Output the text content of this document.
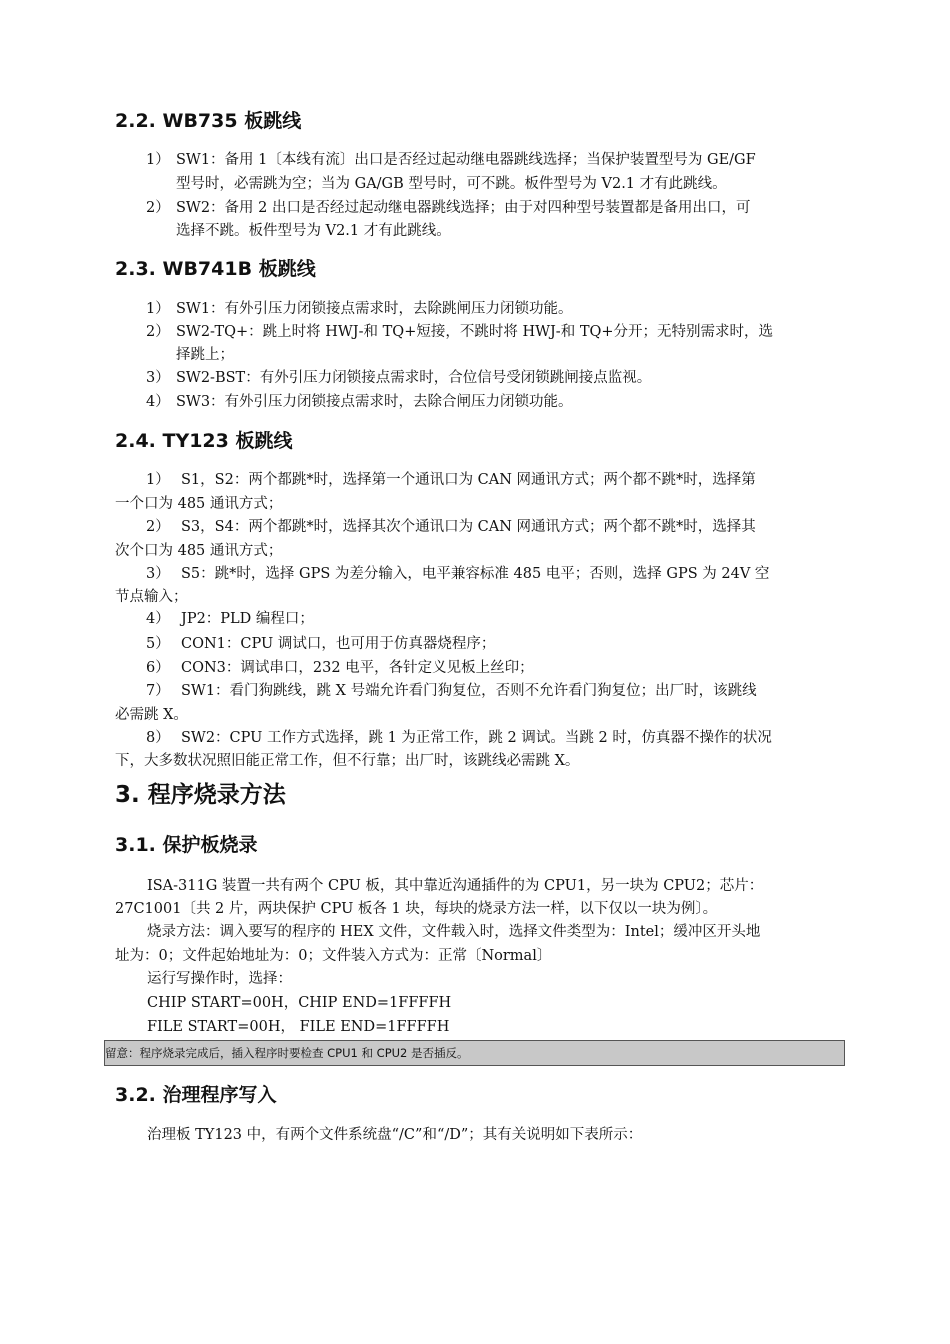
2.2. WB735 板跳线
1） SW1：备用 1〔本线有流〕出口是否经过起动继电器跳线选择；当保护装置型号为 GE/GF
型号时，必需跳为空；当为 GA/GB 型号时，可不跳。板件型号为 V2.1 才有此跳线。
2） SW2：备用 2 出口是否经过起动继电器跳线选择；由于对四种型号装置都是备用出口，可
选择不跳。板件型号为 V2.1 才有此跳线。
2.3. WB741B 板跳线
1） SW1：有外引压力闭锁接点需求时，去除跳闸压力闭锁功能。
2） SW2-TQ+：跳上时将 HWJ-和 TQ+短接，不跳时将 HWJ-和 TQ+分开；无特别需求时，选
择跳上；
3） SW2-BST：有外引压力闭锁接点需求时，合位信号受闭锁跳闸接点监视。
4） SW3：有外引压力闭锁接点需求时，去除合闸压力闭锁功能。
2.4. TY123 板跳线
1） S1，S2：两个都跳*时，选择第一个通讯口为 CAN 网通讯方式；两个都不跳*时，选择第
一个口为 485 通讯方式；
2） S3，S4：两个都跳*时，选择其次个通讯口为 CAN 网通讯方式；两个都不跳*时，选择其
次个口为 485 通讯方式；
3） S5：跳*时，选择 GPS 为差分输入，电平兼容标准 485 电平；否则，选择 GPS 为 24V 空
节点输入；
4） JP2：PLD 编程口；
5） CON1：CPU 调试口，也可用于仿真器烧程序；
6） CON3：调试串口，232 电平，各针定义见板上丝印；
7） SW1：看门狗跳线，跳 X 号端允许看门狗复位，否则不允许看门狗复位；出厂时，该跳线
必需跳 X。
8） SW2：CPU 工作方式选择，跳 1 为正常工作，跳 2 调试。当跳 2 时，仿真器不操作的状况
下，大多数状况照旧能正常工作，但不行靠；出厂时，该跳线必需跳 X。
3. 程序烧录方法
3.1. 保护板烧录
ISA-311G 装置一共有两个 CPU 板，其中靠近沟通插件的为 CPU1，另一块为 CPU2；芯片：
27C1001〔共 2 片，两块保护 CPU 板各 1 块，每块的烧录方法一样，以下仅以一块为例〕。
烧录方法：调入要写的程序的 HEX 文件，文件载入时，选择文件类型为：Intel；缓冲区开头地
址为：0；文件起始地址为：0；文件装入方式为：正常〔Normal〕
运行写操作时，选择：
CHIP START=00H，CHIP END=1FFFFH
FILE START=00H， FILE END=1FFFFH
留意：程序烧录完成后，插入程序时要检查 CPU1 和 CPU2 是否插反。
3.2. 治理程序写入
治理板 TY123 中，有两个文件系统盘“/C”和“/D”；其有关说明如下表所示：
